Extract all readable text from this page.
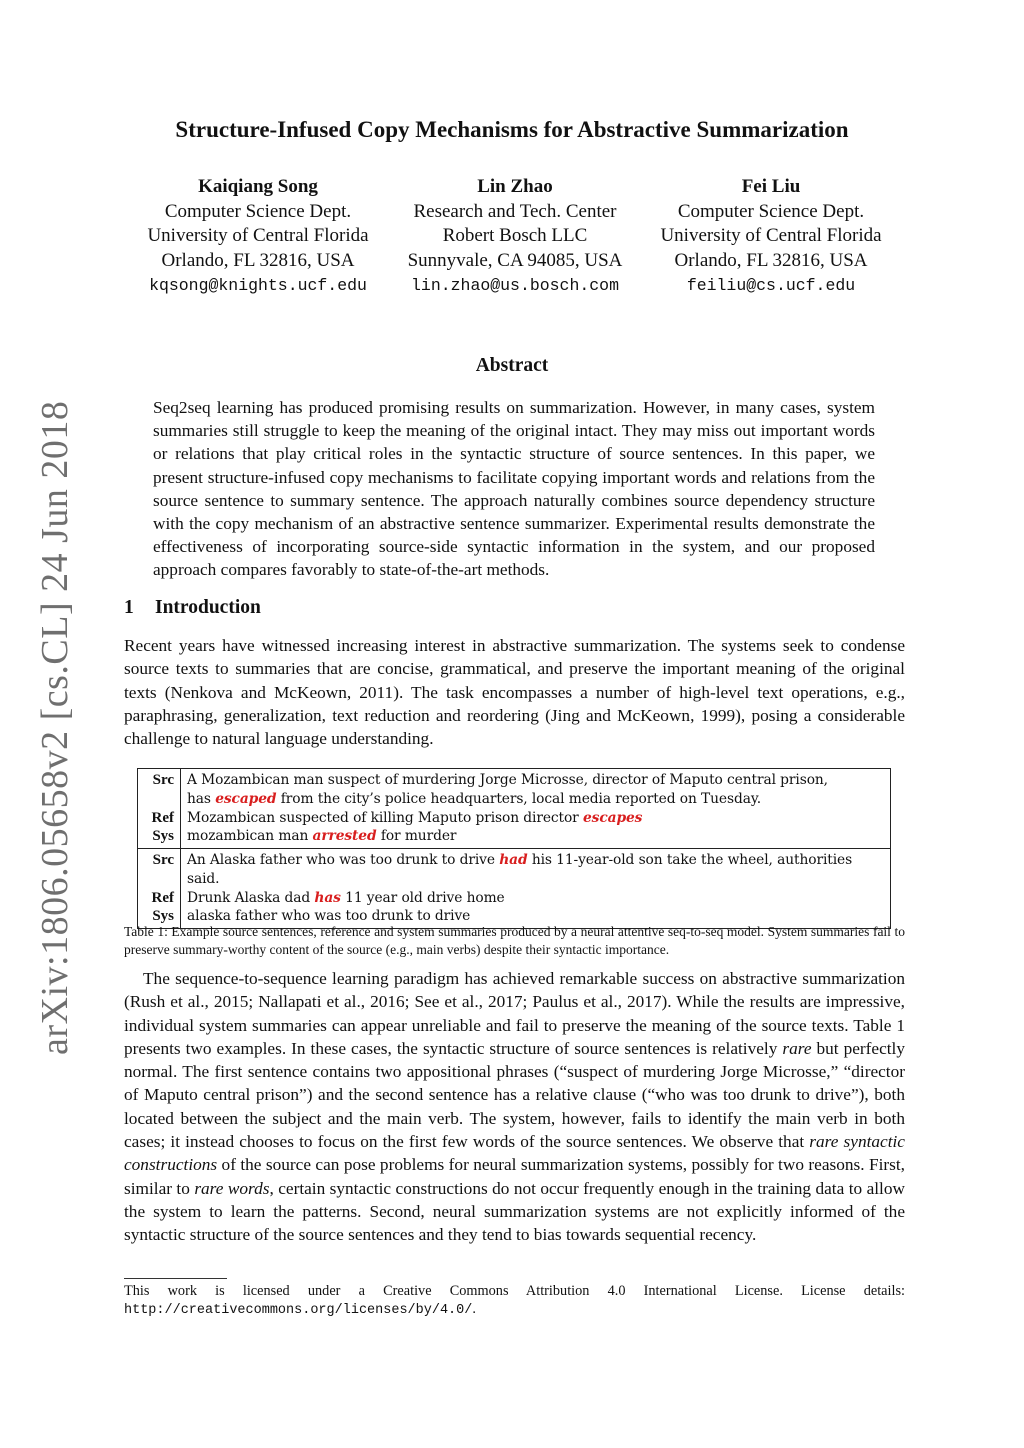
arXiv:1806.05658v2 [cs.CL] 24 Jun 2018
Structure-Infused Copy Mechanisms for Abstractive Summarization
Kaiqiang Song
Computer Science Dept.
University of Central Florida
Orlando, FL 32816, USA
kqsong@knights.ucf.edu
Lin Zhao
Research and Tech. Center
Robert Bosch LLC
Sunnyvale, CA 94085, USA
lin.zhao@us.bosch.com
Fei Liu
Computer Science Dept.
University of Central Florida
Orlando, FL 32816, USA
feiliu@cs.ucf.edu
Abstract

Seq2seq learning has produced promising results on summarization. However, in many cases, system summaries still struggle to keep the meaning of the original intact. They may miss out important words or relations that play critical roles in the syntactic structure of source sentences. In this paper, we present structure-infused copy mechanisms to facilitate copying important words and relations from the source sentence to summary sentence. The approach naturally combines source dependency structure with the copy mechanism of an abstractive sentence summarizer. Experimental results demonstrate the effectiveness of incorporating source-side syntactic information in the system, and our proposed approach compares favorably to state-of-the-art methods.

1 Introduction

Recent years have witnessed increasing interest in abstractive summarization. The systems seek to condense source texts to summaries that are concise, grammatical, and preserve the important meaning of the original texts (Nenkova and McKeown, 2011). The task encompasses a number of high-level text operations, e.g., paraphrasing, generalization, text reduction and reordering (Jing and McKeown, 1999), posing a considerable challenge to natural language understanding.

Src	A Mozambican man suspect of murdering Jorge Microsse, director of Maputo central prison,
has escaped from the city’s police headquarters, local media reported on Tuesday.
Ref	Mozambican suspected of killing Maputo prison director escapes
Sys	mozambican man arrested for murder
Src	An Alaska father who was too drunk to drive had his 11-year-old son take the wheel, authorities said.
Ref	Drunk Alaska dad has 11 year old drive home
Sys	alaska father who was too drunk to drive

Table 1: Example source sentences, reference and system summaries produced by a neural attentive seq-to-seq model. System summaries fail to preserve summary-worthy content of the source (e.g., main verbs) despite their syntactic importance.

The sequence-to-sequence learning paradigm has achieved remarkable success on abstractive summarization (Rush et al., 2015; Nallapati et al., 2016; See et al., 2017; Paulus et al., 2017). While the results are impressive, individual system summaries can appear unreliable and fail to preserve the meaning of the source texts. Table 1 presents two examples. In these cases, the syntactic structure of source sentences is relatively rare but perfectly normal. The first sentence contains two appositional phrases (“suspect of murdering Jorge Microsse,” “director of Maputo central prison”) and the second sentence has a relative clause (“who was too drunk to drive”), both located between the subject and the main verb. The system, however, fails to identify the main verb in both cases; it instead chooses to focus on the first few words of the source sentences. We observe that rare syntactic constructions of the source can pose problems for neural summarization systems, possibly for two reasons. First, similar to rare words, certain syntactic constructions do not occur frequently enough in the training data to allow the system to learn the patterns. Second, neural summarization systems are not explicitly informed of the syntactic structure of the source sentences and they tend to bias towards sequential recency.

This work is licensed under a Creative Commons Attribution 4.0 International License. License details: http://creativecommons.org/licenses/by/4.0/.
